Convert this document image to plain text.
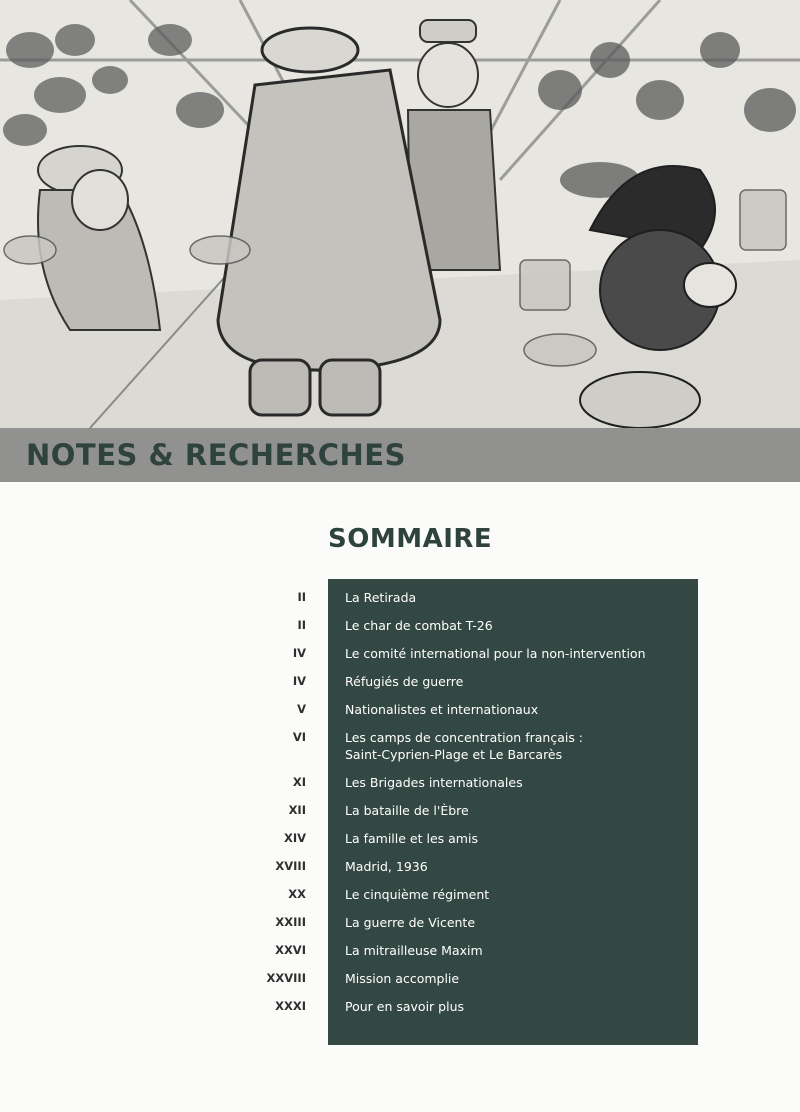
NOTES & RECHERCHES
SOMMAIRE
II	La Retirada
II	Le char de combat T-26
IV	Le comité international pour la non-intervention
IV	Réfugiés de guerre
V	Nationalistes et internationaux
VI	Les camps de concentration français :
Saint-Cyprien-Plage et Le Barcarès
XI	Les Brigades internationales
XII	La bataille de l'Èbre
XIV	La famille et les amis
XVIII	Madrid, 1936
XX	Le cinquième régiment
XXIII	La guerre de Vicente
XXVI	La mitrailleuse Maxim
XXVIII	Mission accomplie
XXXI	Pour en savoir plus
